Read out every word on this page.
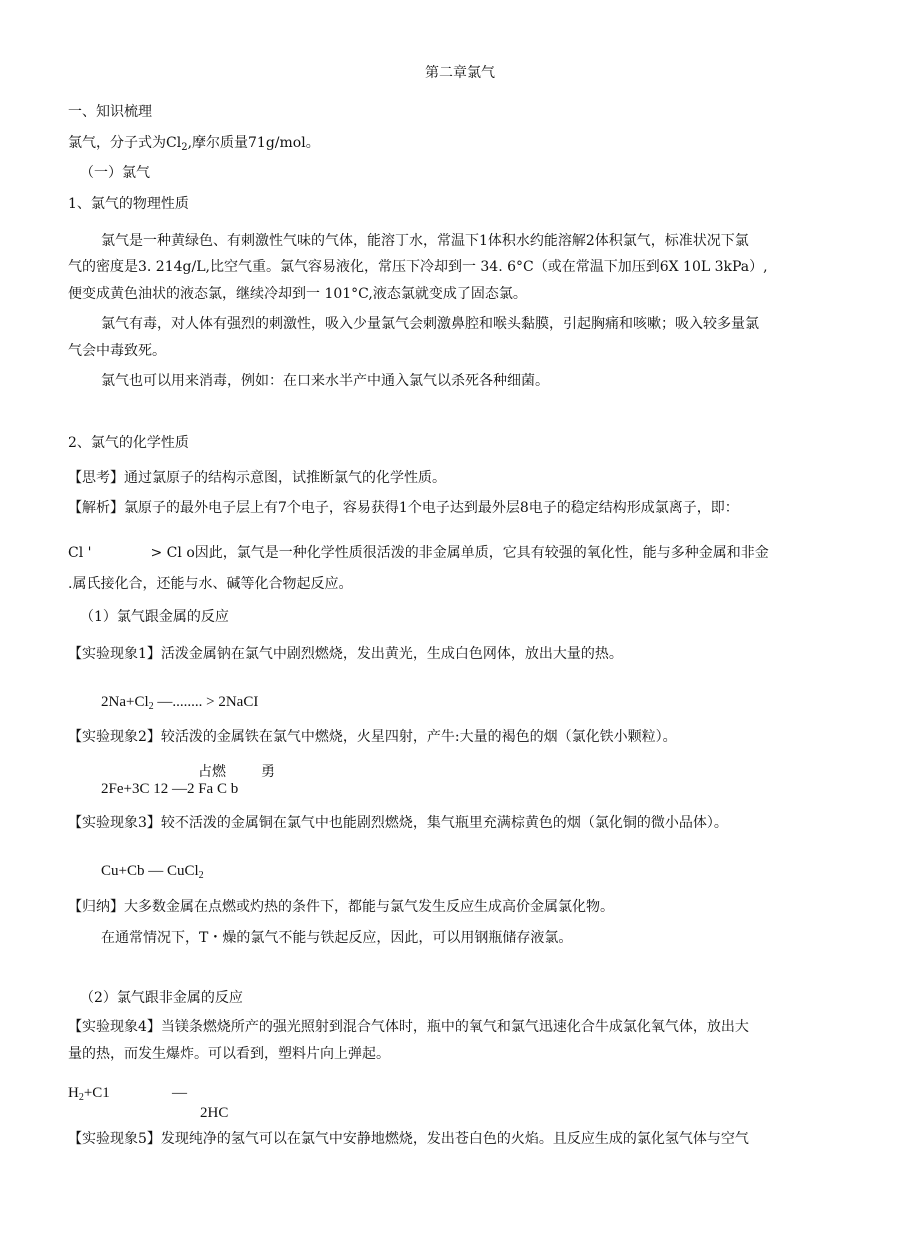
第二章氯气
一、知识梳理
氯气，分子式为$Cl_2$,摩尔质量71g/mol。
（一）氯气
1、氯气的物理性质
氯气是一种黄绿色、有刺激性气味的气体，能溶丁水，常温下1体积水约能溶解2体积氯气，标准状况下氯
气的密度是3. 214g/L,比空气重。氯气容易液化，常压下冷却到一 34. 6°C（或在常温下加压到6X 10L 3kPa）,
便变成黄色油状的液态氯，继续冷却到一 101°C,液态氯就变成了固态氯。
氯气有毒，对人体有强烈的刺激性，吸入少量氯气会刺激鼻腔和喉头黏膜，引起胸痛和咳嗽；吸入较多量氯
气会中毒致死。
氯气也可以用来消毒，例如：在口来水半产中通入氯气以杀死各种细菌。
2、氯气的化学性质
【思考】通过氯原子的结构示意图，试推断氯气的化学性质。
【解析】氯原子的最外电子层上有7个电子，容易获得1个电子达到最外层8电子的稳定结构形成氯离子，即：
Cl '	> Cl o因此，氯气是一种化学性质很活泼的非金属单质，它具有较强的氧化性，能与多种金属和非金
.属氏接化合，还能与水、碱等化合物起反应。
（1）氯气跟金属的反应
【实验现象1】活泼金属钠在氯气中剧烈燃烧，发出黄光，生成白色网体，放出大量的热。
$2Na+Cl_2$ —........ > 2NaCI
【实验现象2】较活泼的金属铁在氯气中燃烧，火星四射，产牛:大量的褐色的烟（氯化铁小颗粒）。
占燃	勇
2Fe+3C 12 —2 Fa C b
【实验现象3】较不活泼的金属铜在氯气中也能剧烈燃烧，集气瓶里充满棕黄色的烟（氯化铜的微小品体）。
Cu+Cb — CuCl$_2$
【归纳】大多数金属在点燃或灼热的条件下，都能与氯气发生反应生成高价金属氯化物。
在通常情况下，T・燥的氯气不能与铁起反应，因此，可以用钢瓶储存液氯。
（2）氯气跟非金属的反应
【实验现象4】当镁条燃烧所产的强光照射到混合气体时，瓶中的氧气和氯气迅速化合牛成氯化氧气体，放出大
量的热，而发生爆炸。可以看到，塑料片向上弹起。
$H_2+C1$	—
2HC
【实验现象5】发现纯净的氢气可以在氯气中安静地燃烧，发出苍白色的火焰。且反应生成的氯化氢气体与空气
